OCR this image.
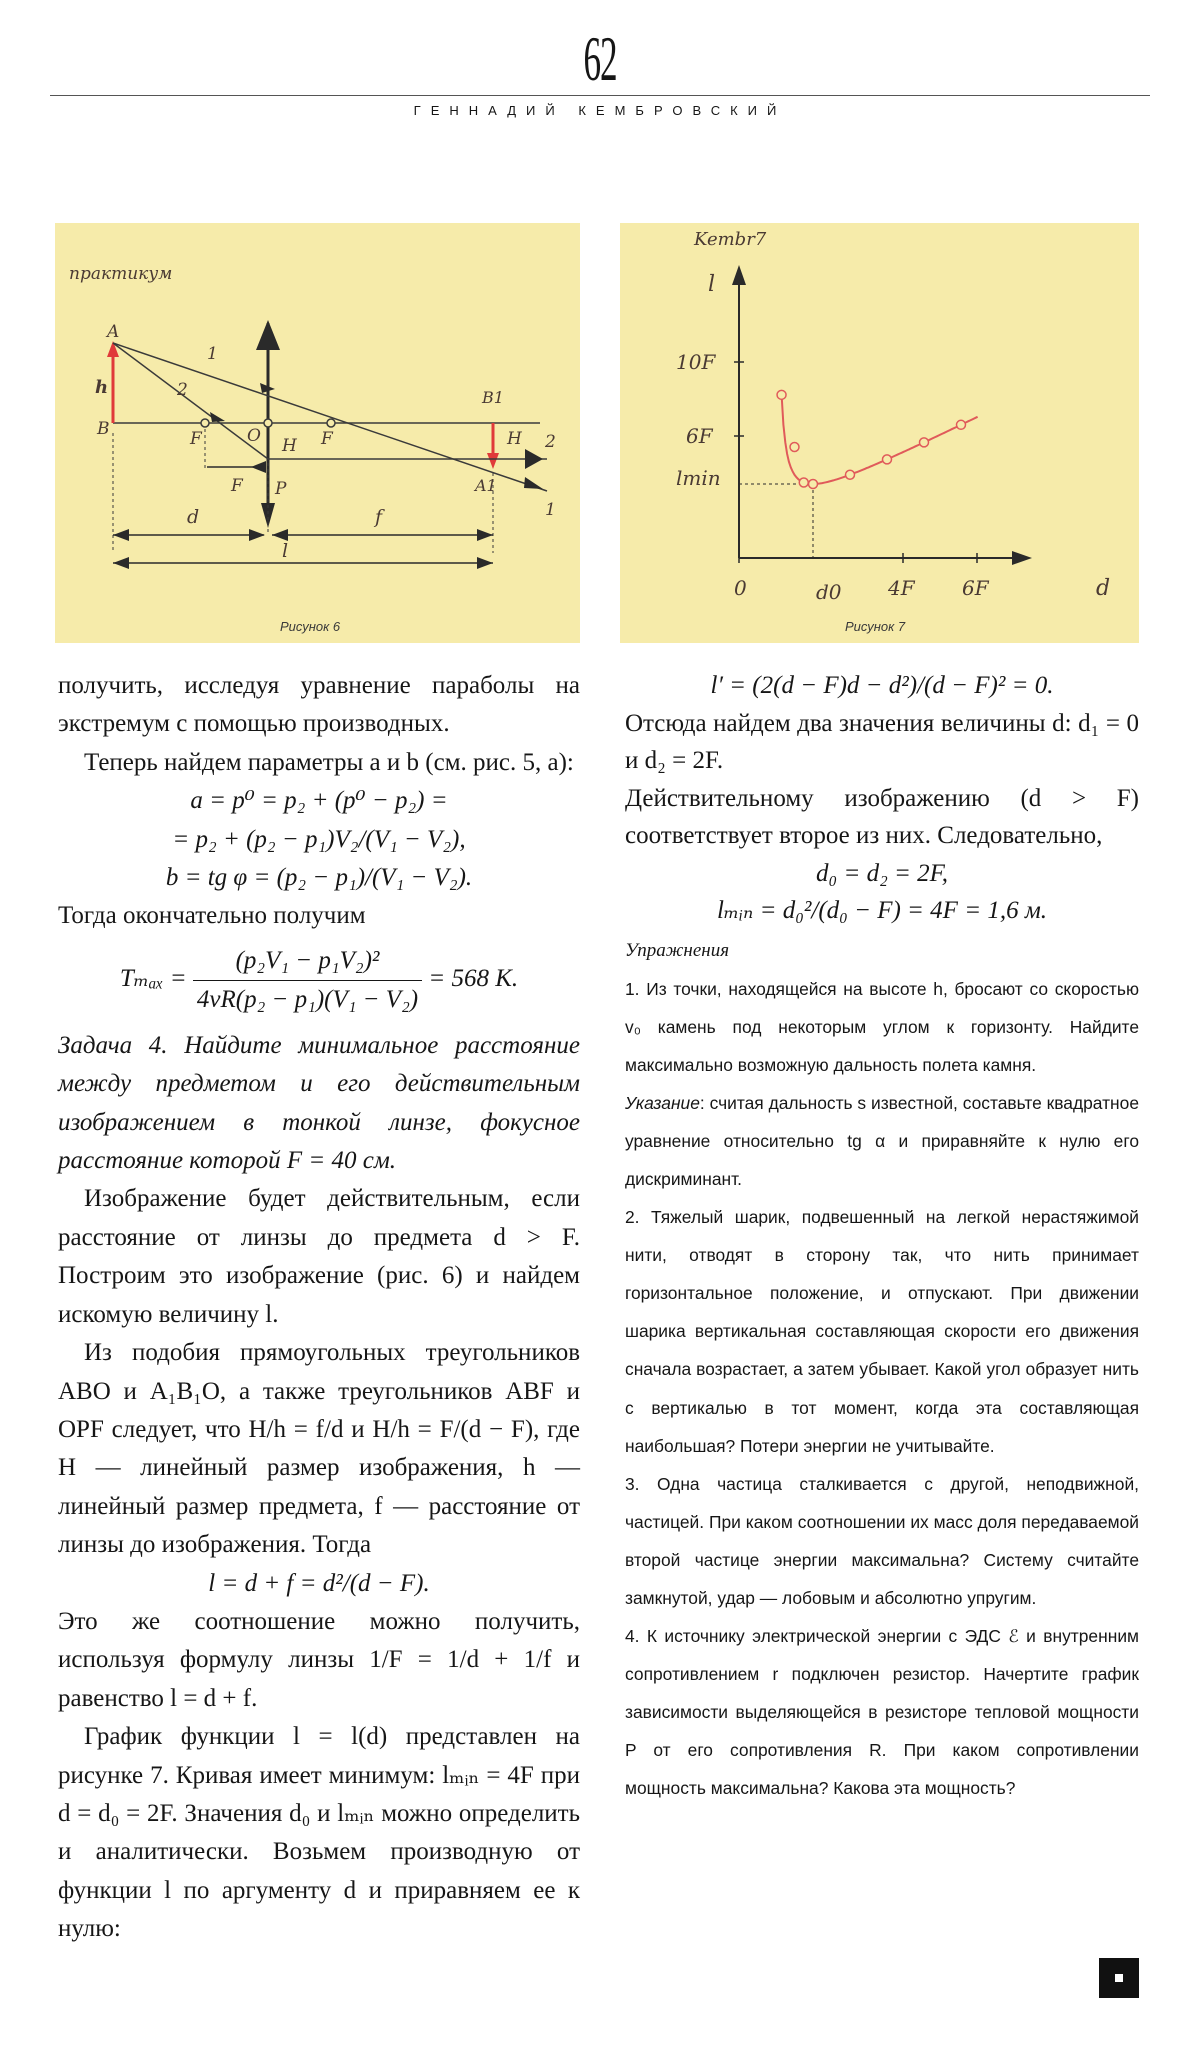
62
ГЕННАДИЙ КЕМБРОВСКИЙ
практикум
A
B
h
1
2
F	O H F
B1
H
A1
2
1
F P
d	f
l
Рисунок 6
Kembr7
l
d
10F
6F
lmin
0	d0 4F 6F
Рисунок 7

получить, исследуя уравнение параболы на экстремум с помощью производных.

Теперь найдем параметры a и b (см. рис. 5, a):

a = p⁰ = p₂ + (p⁰ − p₂) =

= p₂ + (p₂ − p₁)V₂/(V₁ − V₂),

b = tg φ = (p₂ − p₁)/(V₁ − V₂).

Тогда окончательно получим

$T_{max} = \frac{\text{(p₂V₁ − p₁V₂)²}}{\text{4νR(p₂ − p₁)(V₁ − V₂)}} = 568$ K.

Задача 4. Найдите минимальное расстояние между предметом и его действительным изображением в тонкой линзе, фокусное расстояние которой F = 40 см.

Изображение будет действительным, если расстояние от линзы до предмета d > F. Построим это изображение (рис. 6) и найдем искомую величину l.

Из подобия прямоугольных треугольников ABO и A₁B₁O, а также треугольников ABF и OPF следует, что H/h = f/d и H/h = F/(d − F), где H — линейный размер изображения, h — линейный размер предмета, f — расстояние от линзы до изображения. Тогда

l = d + f = d²/(d − F).

Это же соотношение можно получить, используя формулу линзы 1/F = 1/d + 1/f и равенство l = d + f.

График функции l = l(d) представлен на рисунке 7. Кривая имеет минимум: lₘᵢₙ = 4F при d = d₀ = 2F. Значения d₀ и lₘᵢₙ можно определить и аналитически. Возьмем производную от функции l по аргументу d и приравняем ее к нулю:

l′ = (2(d − F)d − d²)/(d − F)² = 0.

Отсюда найдем два значения величины d: d₁ = 0 и d₂ = 2F.

Действительному изображению (d > F) соответствует второе из них. Следовательно,

d₀ = d₂ = 2F,

lₘᵢₙ = d₀²/(d₀ − F) = 4F = 1,6 м.

Упражнения

1. Из точки, находящейся на высоте h, бросают со скоростью v₀ камень под некоторым углом к горизонту. Найдите максимально возможную дальность полета камня.

Указание: считая дальность s известной, составьте квадратное уравнение относительно tg α и приравняйте к нулю его дискриминант.

2. Тяжелый шарик, подвешенный на легкой нерастяжимой нити, отводят в сторону так, что нить принимает горизонтальное положение, и отпускают. При движении шарика вертикальная составляющая скорости его движения сначала возрастает, а затем убывает. Какой угол образует нить с вертикалью в тот момент, когда эта составляющая наибольшая? Потери энергии не учитывайте.

3. Одна частица сталкивается с другой, неподвижной, частицей. При каком соотношении их масс доля передаваемой второй частице энергии максимальна? Систему считайте замкнутой, удар — лобовым и абсолютно упругим.

4. К источнику электрической энергии с ЭДС ℰ и внутренним сопротивлением r подключен резистор. Начертите график зависимости выделяющейся в резисторе тепловой мощности P от его сопротивления R. При каком сопротивлении мощность максимальна? Какова эта мощность?
